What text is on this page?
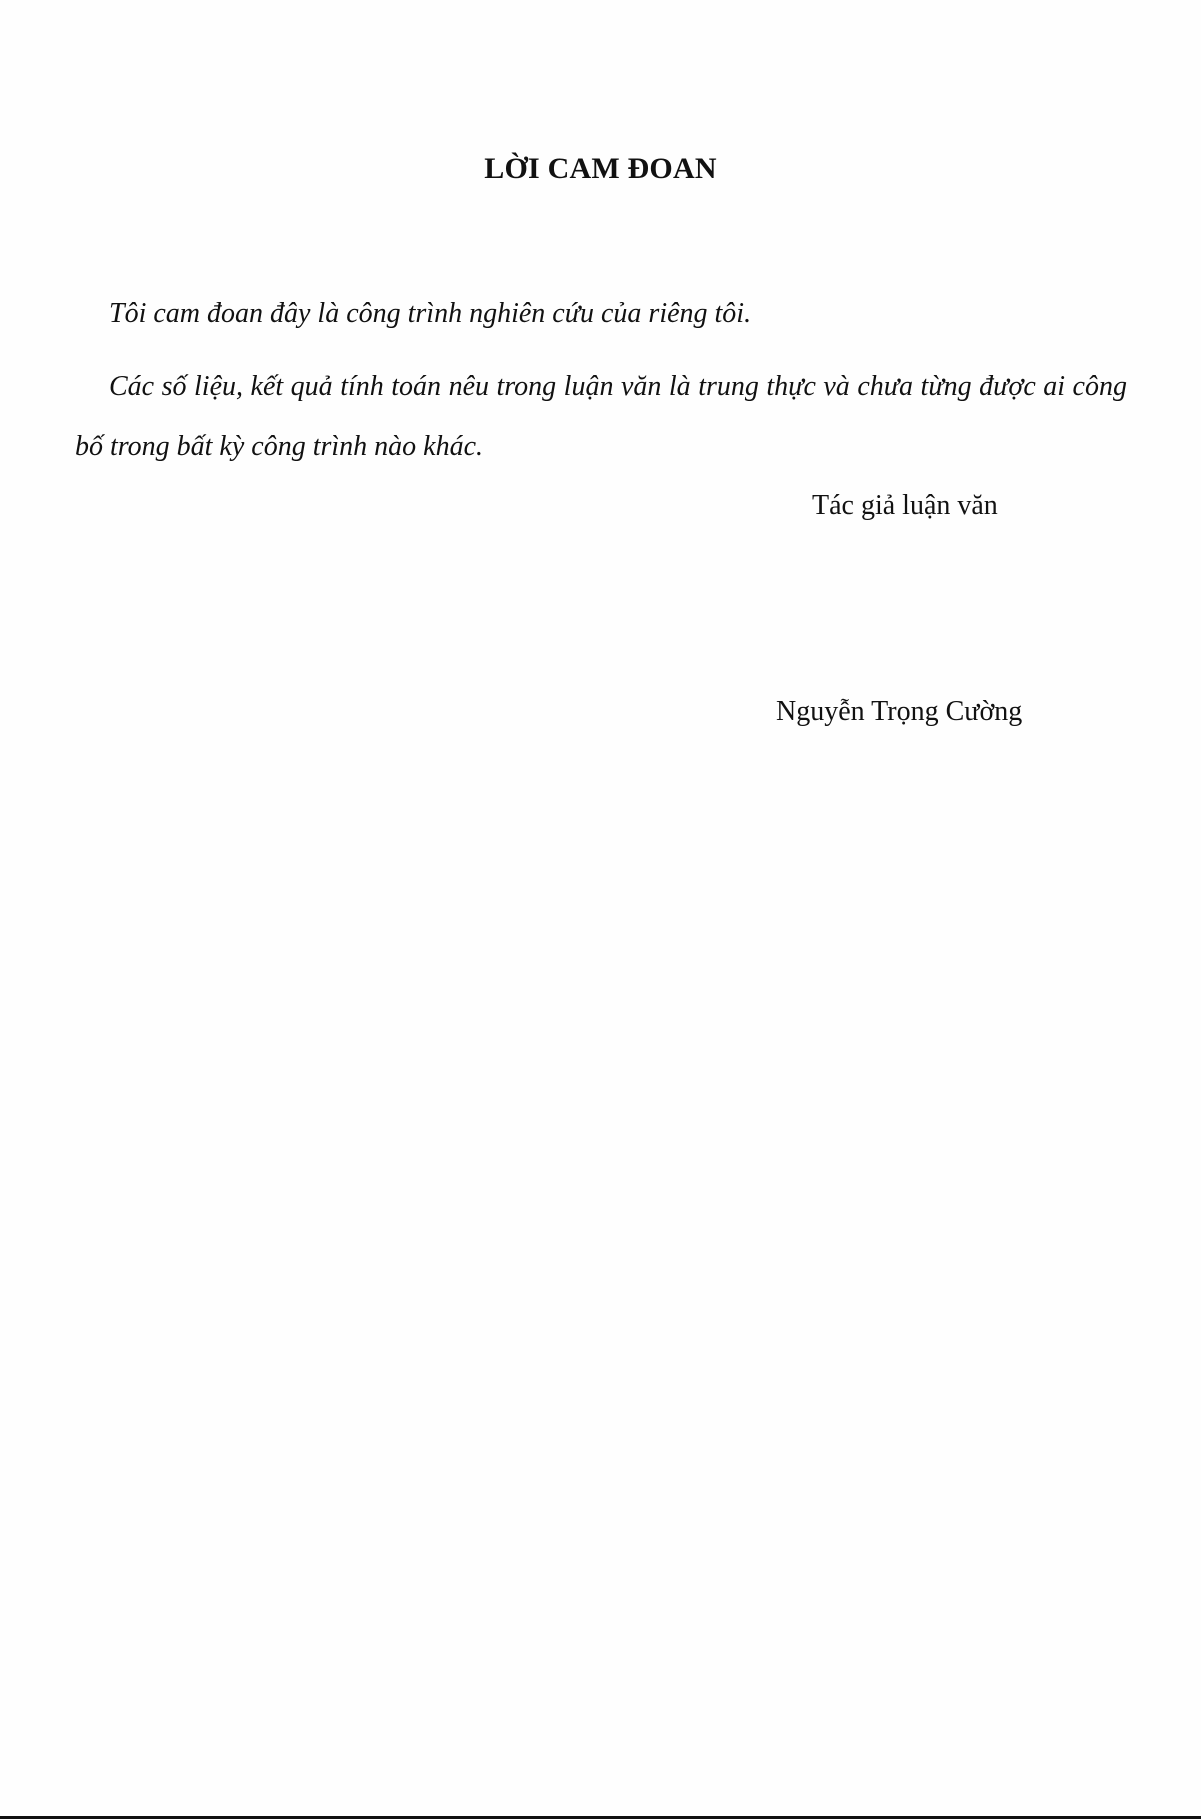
LỜI CAM ĐOAN
Tôi cam đoan đây là công trình nghiên cứu của riêng tôi.
Các số liệu, kết quả tính toán nêu trong luận văn là trung thực và chưa từng được ai công bố trong bất kỳ công trình nào khác.
Tác giả luận văn
Nguyễn Trọng Cường
